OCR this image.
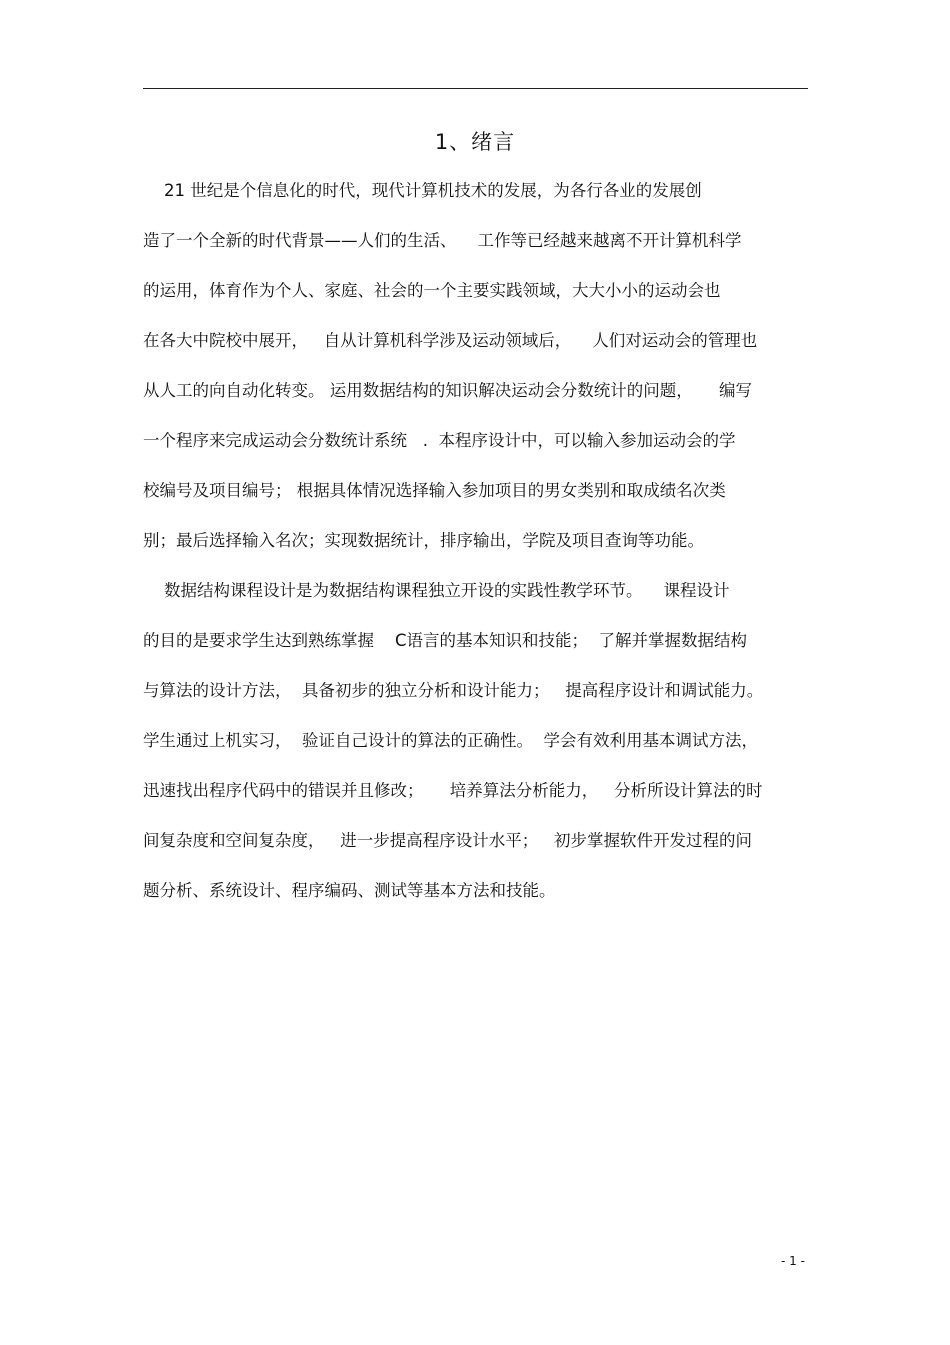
1、绪言
21 世纪是个信息化的时代，现代计算机技术的发展，为各行各业的发展创
造了一个全新的时代背景——人们的生活、    工作等已经越来越离不开计算机科学
的运用，体育作为个人、家庭、社会的一个主要实践领域，大大小小的运动会也
在各大中院校中展开，   自从计算机科学涉及运动领域后，    人们对运动会的管理也
从人工的向自动化转变。 运用数据结构的知识解决运动会分数统计的问题，     编写
一个程序来完成运动会分数统计系统   .  本程序设计中，可以输入参加运动会的学
校编号及项目编号； 根据具体情况选择输入参加项目的男女类别和取成绩名次类
别；最后选择输入名次；实现数据统计，排序输出，学院及项目查询等功能。
数据结构课程设计是为数据结构课程独立开设的实践性教学环节。    课程设计
的目的是要求学生达到熟练掌握    C语言的基本知识和技能；  了解并掌握数据结构
与算法的设计方法，  具备初步的独立分析和设计能力；   提高程序设计和调试能力。
学生通过上机实习，  验证自己设计的算法的正确性。  学会有效利用基本调试方法，
迅速找出程序代码中的错误并且修改；     培养算法分析能力，   分析所设计算法的时
间复杂度和空间复杂度，   进一步提高程序设计水平；   初步掌握软件开发过程的问
题分析、系统设计、程序编码、测试等基本方法和技能。
- 1 -
